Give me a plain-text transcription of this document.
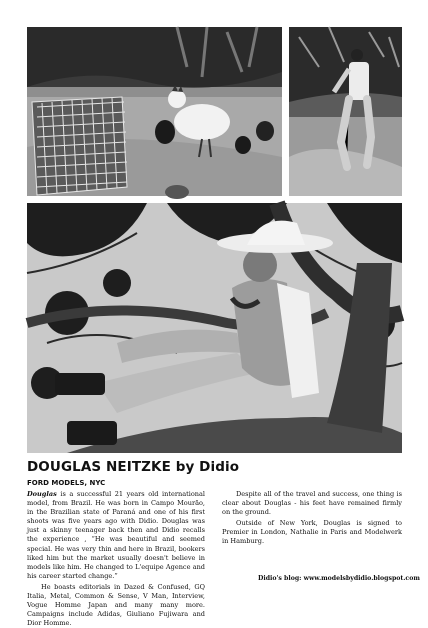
DOUGLAS NEITZKE by Didio
FORD MODELS, NYC

Douglas is a successful 21 years old international model, from Brazil. He was born in Campo Mourão, in the Brazilian state of Paraná and one of his first shoots was five years ago with Didio. Douglas was just a skinny teenager back then and Didio recalls the experience , “He was beautiful and seemed special. He was very thin and here in Brazil, bookers liked him but the market usually doesn't believe in models like him. He changed to L'equipe Agence and his career started change.”

He boasts editorials in Dazed & Confused, GQ Italia, Metal, Common & Sense, V Man, Interview, Vogue Homme Japan and many many more. Campaigns include Adidas, Giuliano Fujiwara and Dior Homme.

Despite all of the travel and success, one thing is clear about Douglas - his feet have remained firmly on the ground.

Outside of New York, Douglas is signed to Premier in London, Nathalie in Paris and Modelwerk in Hamburg.

Didio's blog: www.modelsbydidio.blogspot.com
